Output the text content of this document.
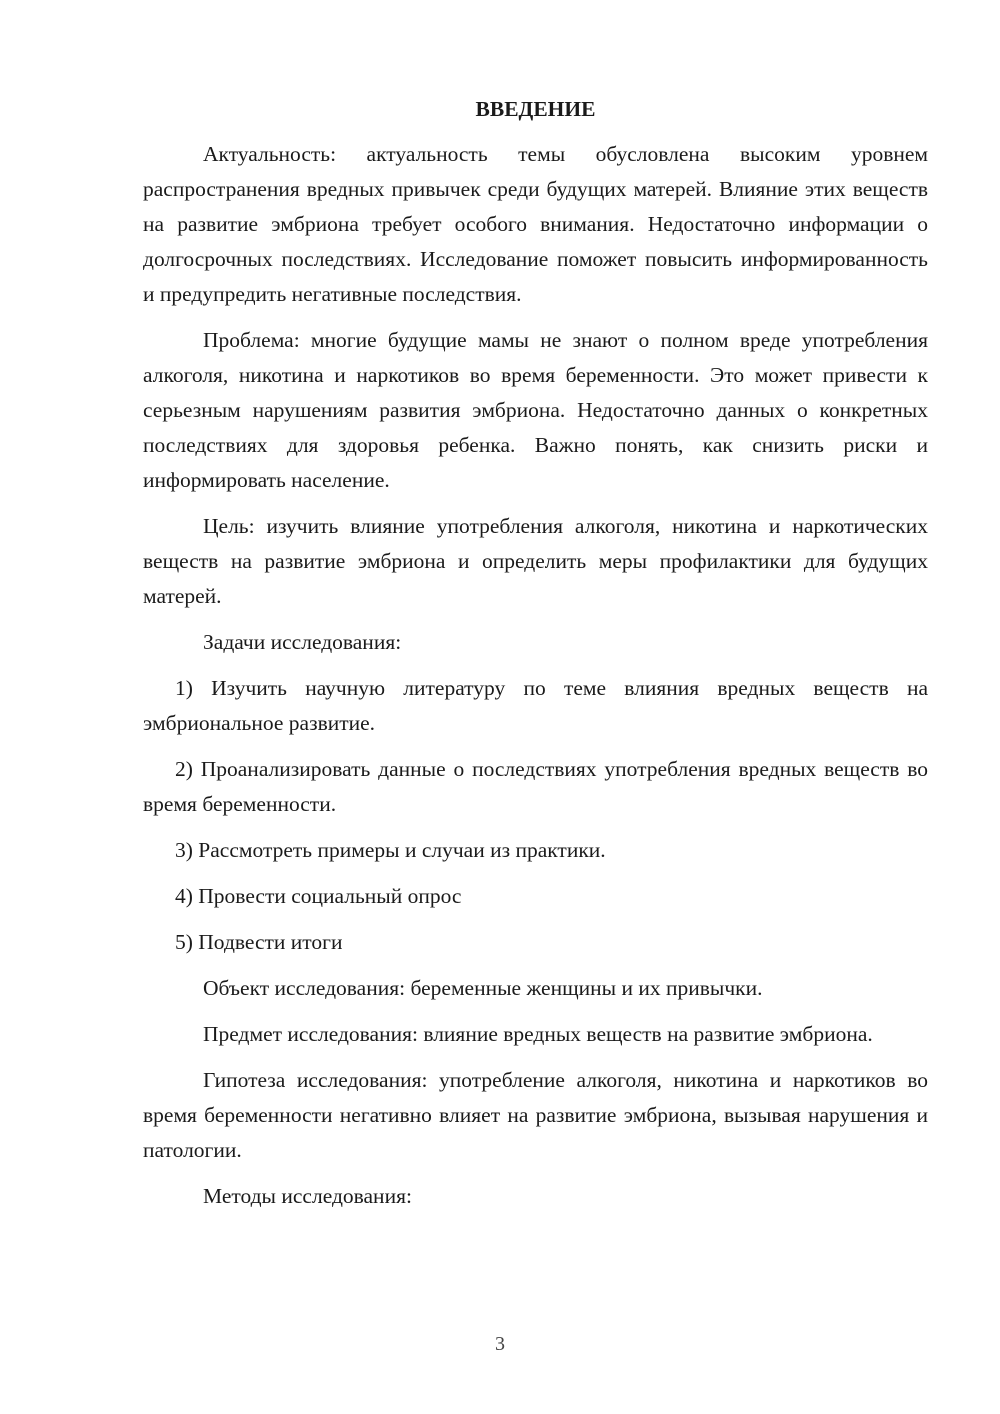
ВВЕДЕНИЕ

Актуальность: актуальность темы обусловлена высоким уровнем распространения вредных привычек среди будущих матерей. Влияние этих веществ на развитие эмбриона требует особого внимания. Недостаточно информации о долгосрочных последствиях. Исследование поможет повысить информированность и предупредить негативные последствия.

Проблема: многие будущие мамы не знают о полном вреде употребления алкоголя, никотина и наркотиков во время беременности. Это может привести к серьезным нарушениям развития эмбриона. Недостаточно данных о конкретных последствиях для здоровья ребенка. Важно понять, как снизить риски и информировать население.

Цель: изучить влияние употребления алкоголя, никотина и наркотических веществ на развитие эмбриона и определить меры профилактики для будущих матерей.

Задачи исследования:

1) Изучить научную литературу по теме влияния вредных веществ на эмбриональное развитие.

2) Проанализировать данные о последствиях употребления вредных веществ во время беременности.

3) Рассмотреть примеры и случаи из практики.

4) Провести социальный опрос

5) Подвести итоги

Объект исследования: беременные женщины и их привычки.

Предмет исследования: влияние вредных веществ на развитие эмбриона.

Гипотеза исследования: употребление алкоголя, никотина и наркотиков во время беременности негативно влияет на развитие эмбриона, вызывая нарушения и патологии.

Методы исследования:

3
